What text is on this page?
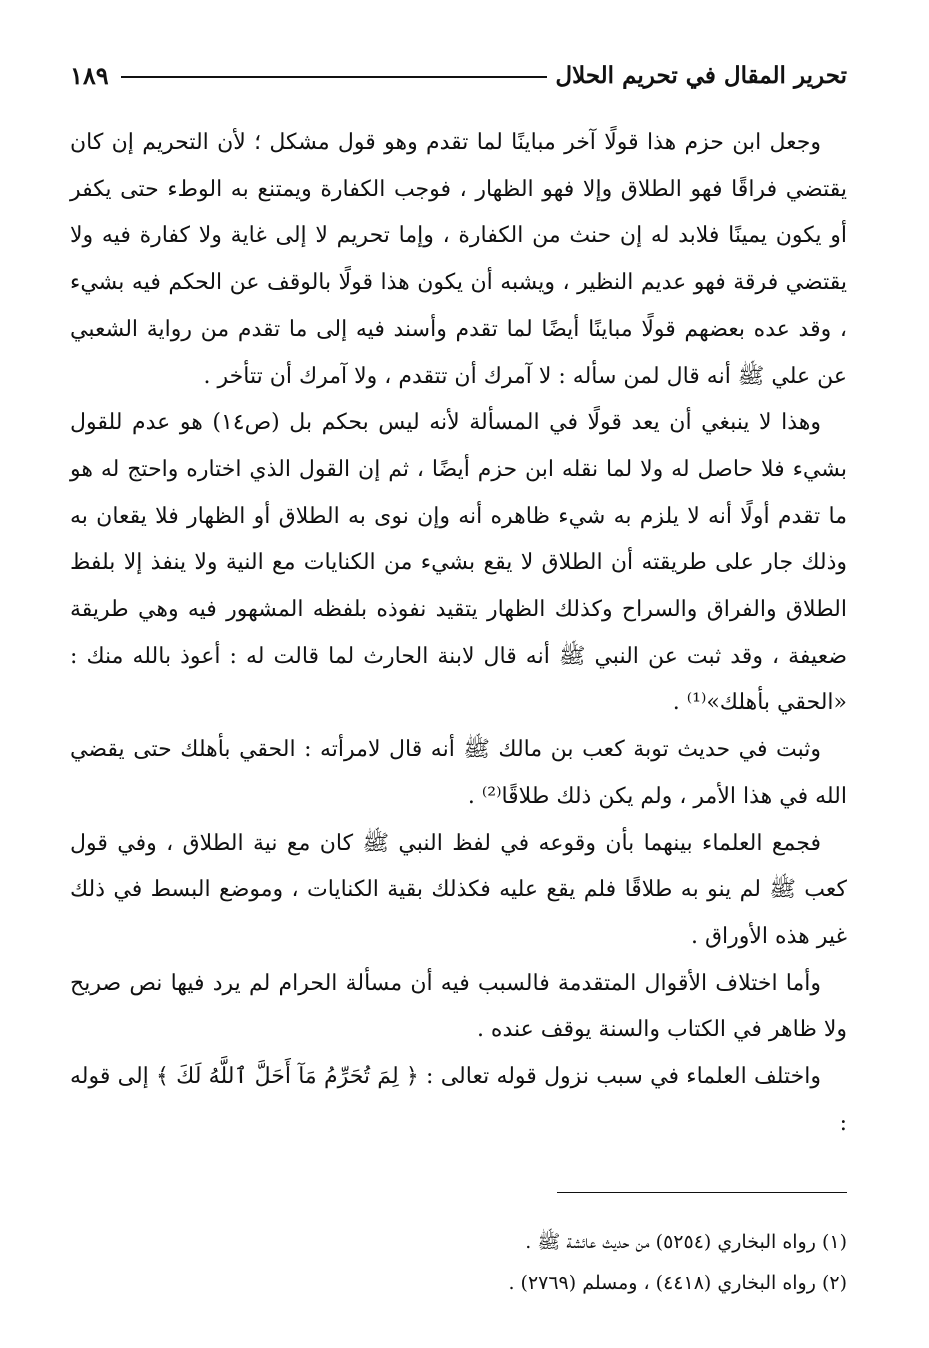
تحرير المقال في تحريم الحلال
١٨٩

وجعل ابن حزم هذا قولًا آخر مباينًا لما تقدم وهو قول مشكل ؛ لأن التحريم إن كان يقتضي فراقًا فهو الطلاق وإلا فهو الظهار ، فوجب الكفارة ويمتنع به الوطء حتى يكفر أو يكون يمينًا فلابد له إن حنث من الكفارة ، وإما تحريم لا إلى غاية ولا كفارة فيه ولا يقتضي فرقة فهو عديم النظير ، ويشبه أن يكون هذا قولًا بالوقف عن الحكم فيه بشيء ، وقد عده بعضهم قولًا مباينًا أيضًا لما تقدم وأسند فيه إلى ما تقدم من رواية الشعبي عن علي ﷺ أنه قال لمن سأله : لا آمرك أن تتقدم ، ولا آمرك أن تتأخر .

وهذا لا ينبغي أن يعد قولًا في المسألة لأنه ليس بحكم بل (ص١٤) هو عدم للقول بشيء فلا حاصل له ولا لما نقله ابن حزم أيضًا ، ثم إن القول الذي اختاره واحتج له هو ما تقدم أولًا أنه لا يلزم به شيء ظاهره أنه وإن نوى به الطلاق أو الظهار فلا يقعان به وذلك جار على طريقته أن الطلاق لا يقع بشيء من الكنايات مع النية ولا ينفذ إلا بلفظ الطلاق والفراق والسراح وكذلك الظهار يتقيد نفوذه بلفظه المشهور فيه وهي طريقة ضعيفة ، وقد ثبت عن النبي ﷺ أنه قال لابنة الحارث لما قالت له : أعوذ بالله منك : «الحقي بأهلك»⁽¹⁾ .

وثبت في حديث توبة كعب بن مالك ﷺ أنه قال لامرأته : الحقي بأهلك حتى يقضي الله في هذا الأمر ، ولم يكن ذلك طلاقًا⁽²⁾ .

فجمع العلماء بينهما بأن وقوعه في لفظ النبي ﷺ كان مع نية الطلاق ، وفي قول كعب ﷺ لم ينو به طلاقًا فلم يقع عليه فكذلك بقية الكنايات ، وموضع البسط في ذلك غير هذه الأوراق .

وأما اختلاف الأقوال المتقدمة فالسبب فيه أن مسألة الحرام لم يرد فيها نص صريح ولا ظاهر في الكتاب والسنة يوقف عنده .

واختلف العلماء في سبب نزول قوله تعالى : ﴿ لِمَ تُحَرِّمُ مَآ أَحَلَّ ٱللَّهُ لَكَ ﴾ إلى قوله :

(١) رواه البخاري (٥٢٥٤) من حديث عائشة ﷺ .

(٢) رواه البخاري (٤٤١٨) ، ومسلم (٢٧٦٩) .
